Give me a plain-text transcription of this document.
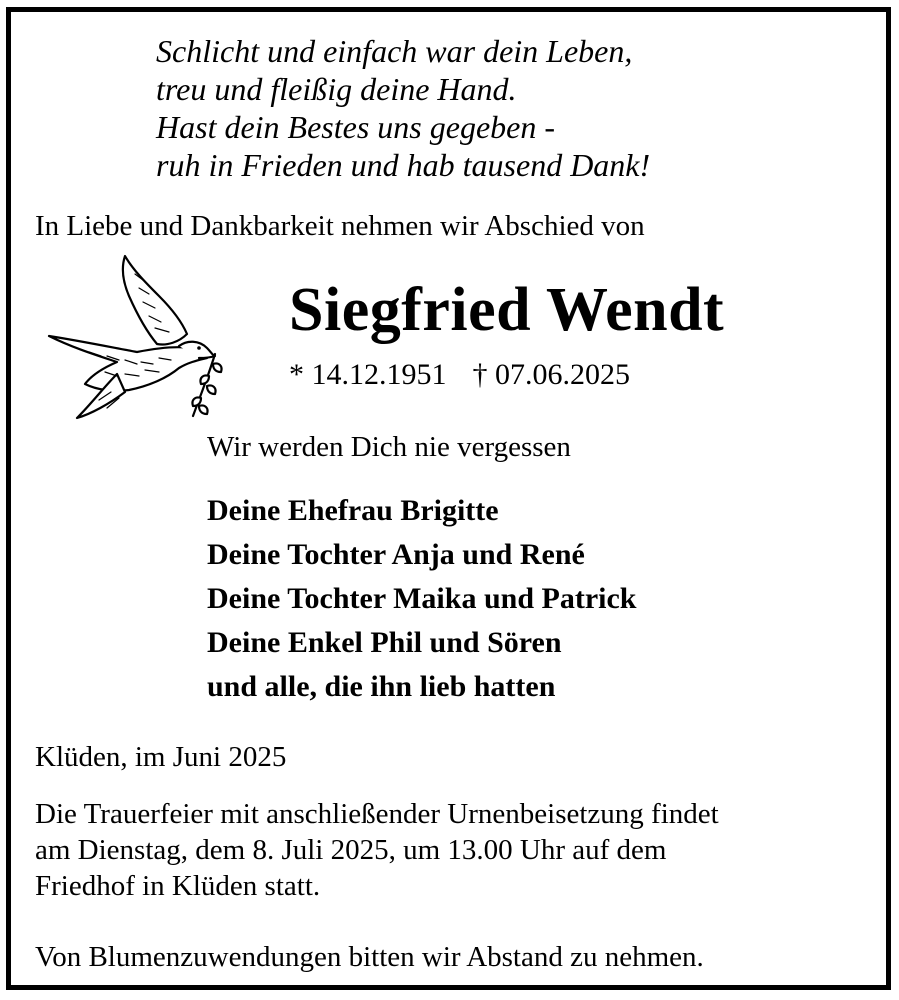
Schlicht und einfach war dein Leben,
treu und fleißig deine Hand.
Hast dein Bestes uns gegeben -
ruh in Frieden und hab tausend Dank!
In Liebe und Dankbarkeit nehmen wir Abschied von
Siegfried Wendt
* 14.12.1951 † 07.06.2025
Wir werden Dich nie vergessen
Deine Ehefrau Brigitte
Deine Tochter Anja und René
Deine Tochter Maika und Patrick
Deine Enkel Phil und Sören
und alle, die ihn lieb hatten
Klüden, im Juni 2025
Die Trauerfeier mit anschließender Urnenbeisetzung findet
am Dienstag, dem 8. Juli 2025, um 13.00 Uhr auf dem
Friedhof in Klüden statt.
Von Blumenzuwendungen bitten wir Abstand zu nehmen.
